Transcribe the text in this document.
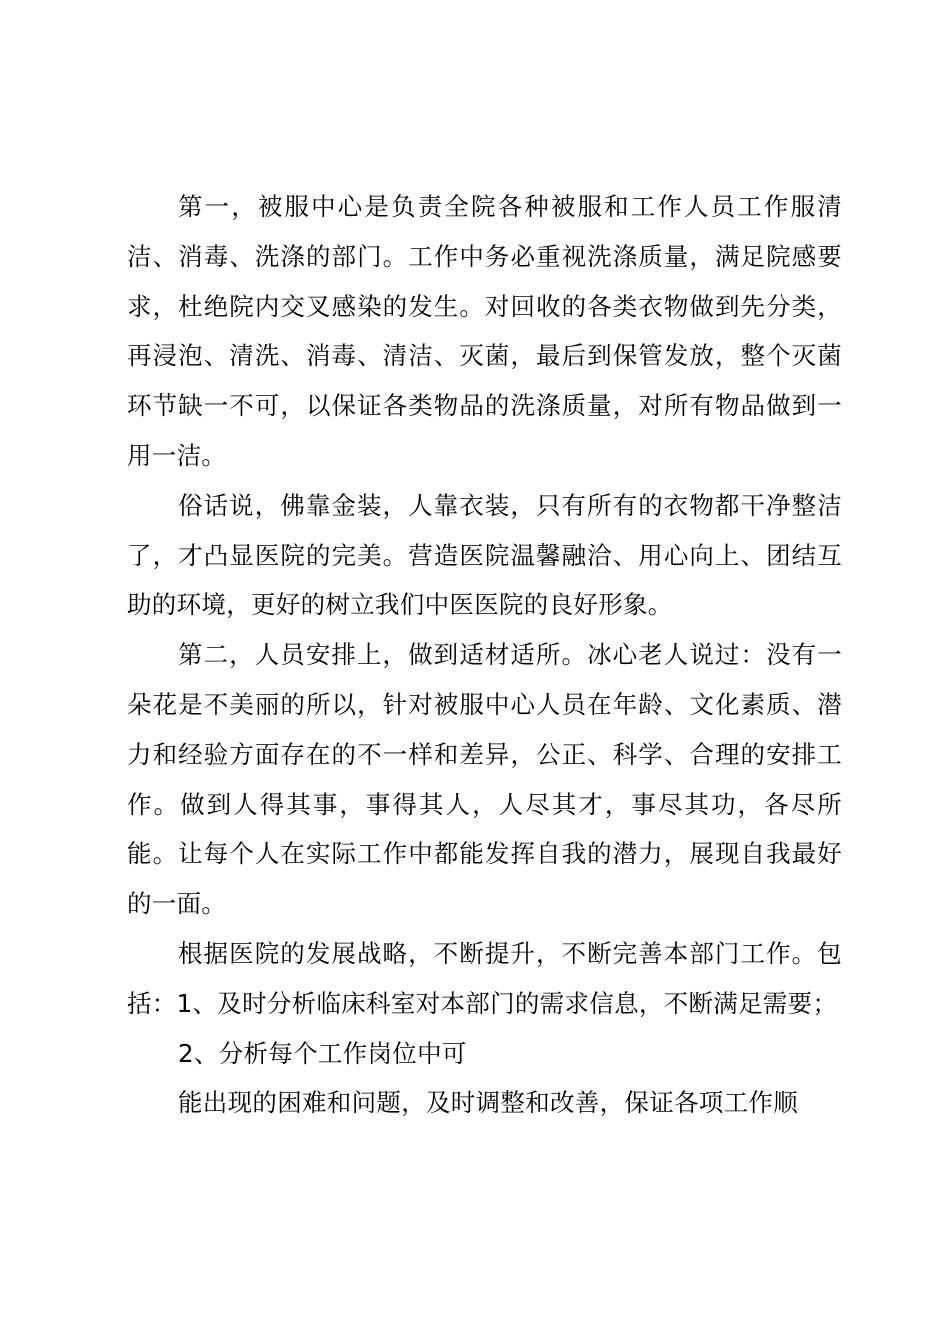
第一，被服中心是负责全院各种被服和工作人员工作服清洁、消毒、洗涤的部门。工作中务必重视洗涤质量，满足院感要求，杜绝院内交叉感染的发生。对回收的各类衣物做到先分类，再浸泡、清洗、消毒、清洁、灭菌，最后到保管发放，整个灭菌环节缺一不可，以保证各类物品的洗涤质量，对所有物品做到一用一洁。

俗话说，佛靠金装，人靠衣装，只有所有的衣物都干净整洁了，才凸显医院的完美。营造医院温馨融洽、用心向上、团结互助的环境，更好的树立我们中医医院的良好形象。

第二，人员安排上，做到适材适所。冰心老人说过：没有一朵花是不美丽的所以，针对被服中心人员在年龄、文化素质、潜力和经验方面存在的不一样和差异，公正、科学、合理的安排工作。做到人得其事，事得其人，人尽其才，事尽其功，各尽所能。让每个人在实际工作中都能发挥自我的潜力，展现自我最好的一面。

根据医院的发展战略，不断提升，不断完善本部门工作。包括：1、及时分析临床科室对本部门的需求信息，不断满足需要；

2、分析每个工作岗位中可

能出现的困难和问题，及时调整和改善，保证各项工作顺
